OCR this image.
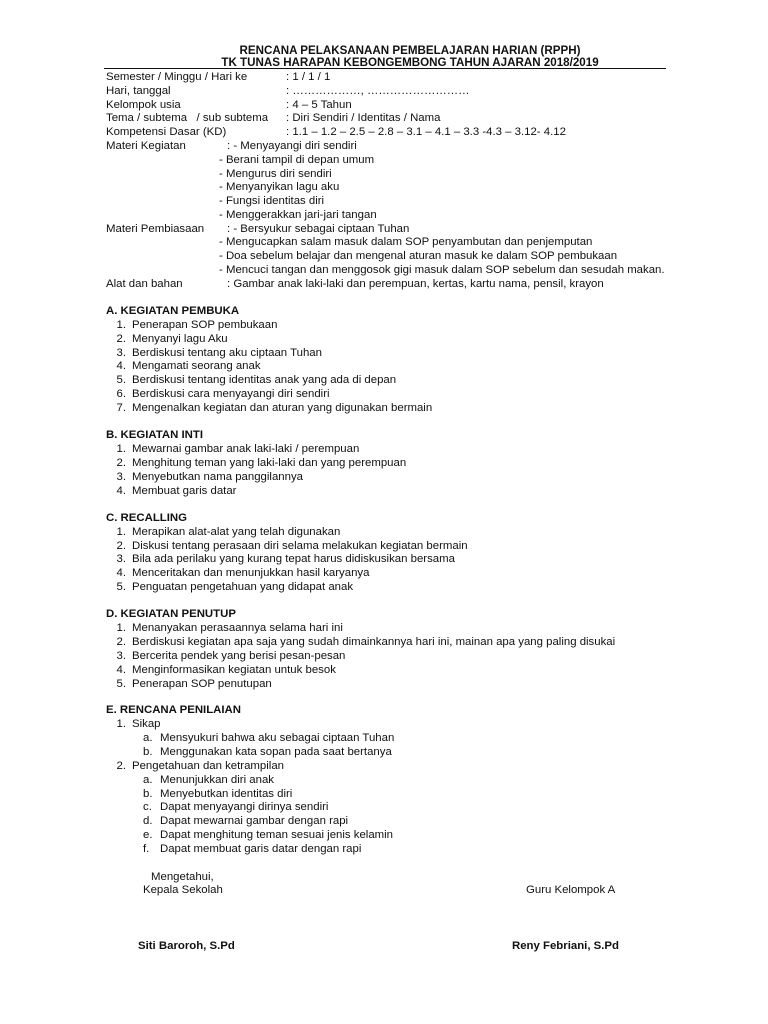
RENCANA PELAKSANAAN PEMBELAJARAN HARIAN (RPPH)
TK TUNAS HARAPAN KEBONGEMBONG TAHUN AJARAN 2018/2019
Semester / Minggu / Hari ke	: 1 / 1 / 1
Hari, tanggal	: ………………, ………………………
Kelompok usia	: 4 – 5 Tahun
Tema / subtema   / sub subtema : Diri Sendiri / Identitas / Nama
Kompetensi Dasar (KD)	: 1.1 – 1.2 – 2.5 – 2.8 – 3.1 – 4.1 – 3.3 -4.3 – 3.12- 4.12
Materi Kegiatan	: - Menyayangi diri sendiri
- Berani tampil di depan umum
- Mengurus diri sendiri
- Menyanyikan lagu aku
- Fungsi identitas diri
- Menggerakkan jari-jari tangan
Materi Pembiasaan : - Bersyukur sebagai ciptaan Tuhan
- Mengucapkan salam masuk dalam SOP penyambutan dan penjemputan
- Doa sebelum belajar dan mengenal aturan masuk ke dalam SOP pembukaan
- Mencuci tangan dan menggosok gigi masuk dalam SOP sebelum dan sesudah makan.
Alat dan bahan	: Gambar anak laki-laki dan perempuan, kertas, kartu nama, pensil, krayon
A. KEGIATAN PEMBUKA
1. Penerapan SOP pembukaan
2. Menyanyi lagu Aku
3. Berdiskusi tentang aku ciptaan Tuhan
4. Mengamati seorang anak
5. Berdiskusi tentang identitas anak yang ada di depan
6. Berdiskusi cara menyayangi diri sendiri
7. Mengenalkan kegiatan dan aturan yang digunakan bermain
B. KEGIATAN INTI
1. Mewarnai gambar anak laki-laki / perempuan
2. Menghitung teman yang laki-laki dan yang perempuan
3. Menyebutkan nama panggilannya
4. Membuat garis datar
C. RECALLING
1. Merapikan alat-alat yang telah digunakan
2. Diskusi tentang perasaan diri selama melakukan kegiatan bermain
3. Bila ada perilaku yang kurang tepat harus didiskusikan bersama
4. Menceritakan dan menunjukkan hasil karyanya
5. Penguatan pengetahuan yang didapat anak
D. KEGIATAN PENUTUP
1. Menanyakan perasaannya selama hari ini
2. Berdiskusi kegiatan apa saja yang sudah dimainkannya hari ini, mainan apa yang paling disukai
3. Bercerita pendek yang berisi pesan-pesan
4. Menginformasikan kegiatan untuk besok
5. Penerapan SOP penutupan
E. RENCANA PENILAIAN
1. Sikap
a. Mensyukuri bahwa aku sebagai ciptaan Tuhan
b. Menggunakan kata sopan pada saat bertanya
2. Pengetahuan dan ketrampilan
a. Menunjukkan diri anak
b. Menyebutkan identitas diri
c. Dapat menyayangi dirinya sendiri
d. Dapat mewarnai gambar dengan rapi
e. Dapat menghitung teman sesuai jenis kelamin
f. Dapat membuat garis datar dengan rapi
Mengetahui,
Kepala Sekolah	Guru Kelompok A
Siti Baroroh, S.Pd	Reny Febriani, S.Pd
